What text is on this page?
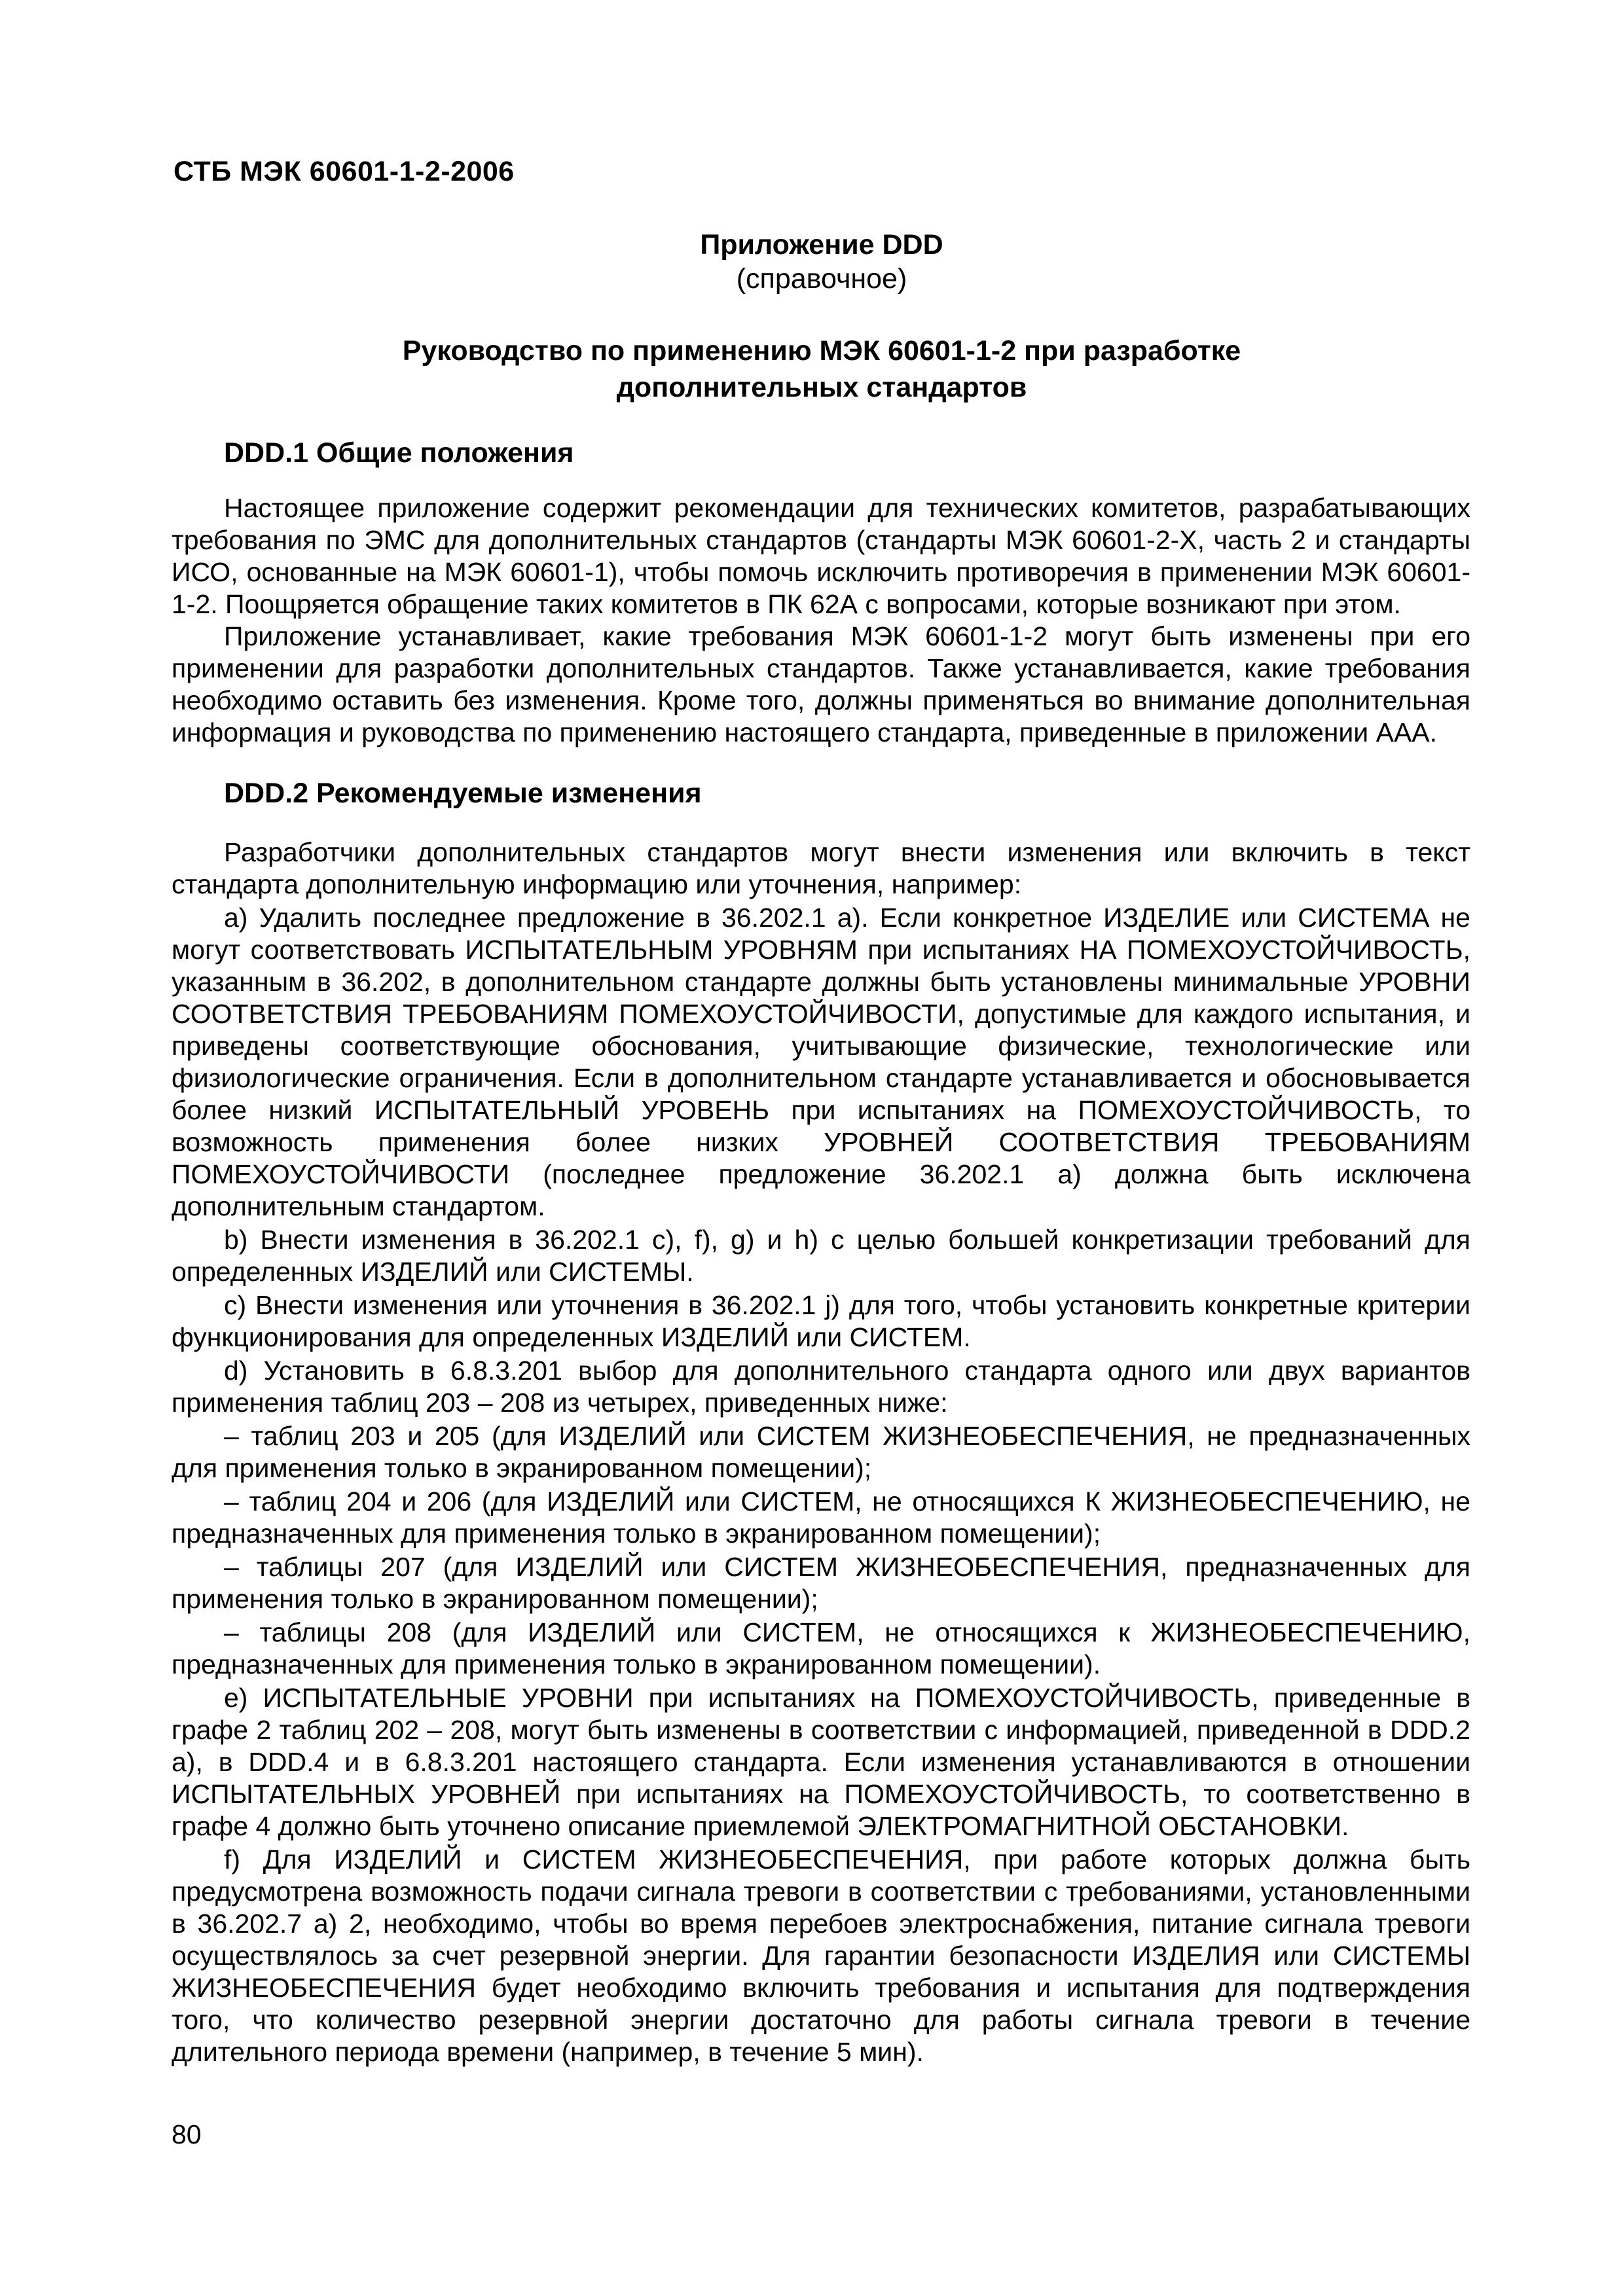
СТБ МЭК 60601-1-2-2006
Приложение DDD
(справочное)
Руководство по применению МЭК 60601-1-2 при разработке
дополнительных стандартов
DDD.1 Общие положения

Настоящее приложение содержит рекомендации для технических комитетов, разрабатывающих требования по ЭМС для дополнительных стандартов (стандарты МЭК 60601-2-Х, часть 2 и стандарты ИСО, основанные на МЭК 60601-1), чтобы помочь исключить противоречия в применении МЭК 60601-1-2. Поощряется обращение таких комитетов в ПК 62А с вопросами, которые возникают при этом.

Приложение устанавливает, какие требования МЭК 60601-1-2 могут быть изменены при его применении для разработки дополнительных стандартов. Также устанавливается, какие требования необходимо оставить без изменения. Кроме того, должны применяться во внимание дополнительная информация и руководства по применению настоящего стандарта, приведенные в приложении ААА.

DDD.2 Рекомендуемые изменения

Разработчики дополнительных стандартов могут внести изменения или включить в текст стандарта дополнительную информацию или уточнения, например:

а) Удалить последнее предложение в 36.202.1 а). Если конкретное ИЗДЕЛИЕ или СИСТЕМА не могут соответствовать ИСПЫТАТЕЛЬНЫМ УРОВНЯМ при испытаниях НА ПОМЕХОУСТОЙЧИВОСТЬ, указанным в 36.202, в дополнительном стандарте должны быть установлены минимальные УРОВНИ СООТВЕТСТВИЯ ТРЕБОВАНИЯМ ПОМЕХОУСТОЙЧИВОСТИ, допустимые для каждого испытания, и приведены соответствующие обоснования, учитывающие физические, технологические или физиологические ограничения. Если в дополнительном стандарте устанавливается и обосновывается более низкий ИСПЫТАТЕЛЬНЫЙ УРОВЕНЬ при испытаниях на ПОМЕХОУСТОЙЧИВОСТЬ, то возможность применения более низких УРОВНЕЙ СООТВЕТСТВИЯ ТРЕБОВАНИЯМ ПОМЕХОУСТОЙЧИВОСТИ (последнее предложение 36.202.1 а) должна быть исключена дополнительным стандартом.

b) Внести изменения в 36.202.1 с), f), g) и h) с целью большей конкретизации требований для определенных ИЗДЕЛИЙ или СИСТЕМЫ.

с) Внести изменения или уточнения в 36.202.1 j) для того, чтобы установить конкретные критерии функционирования для определенных ИЗДЕЛИЙ или СИСТЕМ.

d) Установить в 6.8.3.201 выбор для дополнительного стандарта одного или двух вариантов применения таблиц 203 – 208 из четырех, приведенных ниже:

– таблиц 203 и 205 (для ИЗДЕЛИЙ или СИСТЕМ ЖИЗНЕОБЕСПЕЧЕНИЯ, не предназначенных для применения только в экранированном помещении);

– таблиц 204 и 206 (для ИЗДЕЛИЙ или СИСТЕМ, не относящихся К ЖИЗНЕОБЕСПЕЧЕНИЮ, не предназначенных для применения только в экранированном помещении);

– таблицы 207 (для ИЗДЕЛИЙ или СИСТЕМ ЖИЗНЕОБЕСПЕЧЕНИЯ, предназначенных для применения только в экранированном помещении);

– таблицы 208 (для ИЗДЕЛИЙ или СИСТЕМ, не относящихся к ЖИЗНЕОБЕСПЕЧЕНИЮ, предназначенных для применения только в экранированном помещении).

е) ИСПЫТАТЕЛЬНЫЕ УРОВНИ при испытаниях на ПОМЕХОУСТОЙЧИВОСТЬ, приведенные в графе 2 таблиц 202 – 208, могут быть изменены в соответствии с информацией, приведенной в DDD.2 а), в DDD.4 и в 6.8.3.201 настоящего стандарта. Если изменения устанавливаются в отношении ИСПЫТАТЕЛЬНЫХ УРОВНЕЙ при испытаниях на ПОМЕХОУСТОЙЧИВОСТЬ, то соответственно в графе 4 должно быть уточнено описание приемлемой ЭЛЕКТРОМАГНИТНОЙ ОБСТАНОВКИ.

f) Для ИЗДЕЛИЙ и СИСТЕМ ЖИЗНЕОБЕСПЕЧЕНИЯ, при работе которых должна быть предусмотрена возможность подачи сигнала тревоги в соответствии с требованиями, установленными в 36.202.7 а) 2, необходимо, чтобы во время перебоев электроснабжения, питание сигнала тревоги осуществлялось за счет резервной энергии. Для гарантии безопасности ИЗДЕЛИЯ или СИСТЕМЫ ЖИЗНЕОБЕСПЕЧЕНИЯ будет необходимо включить требования и испытания для подтверждения того, что количество резервной энергии достаточно для работы сигнала тревоги в течение длительного периода времени (например, в течение 5 мин).

80
